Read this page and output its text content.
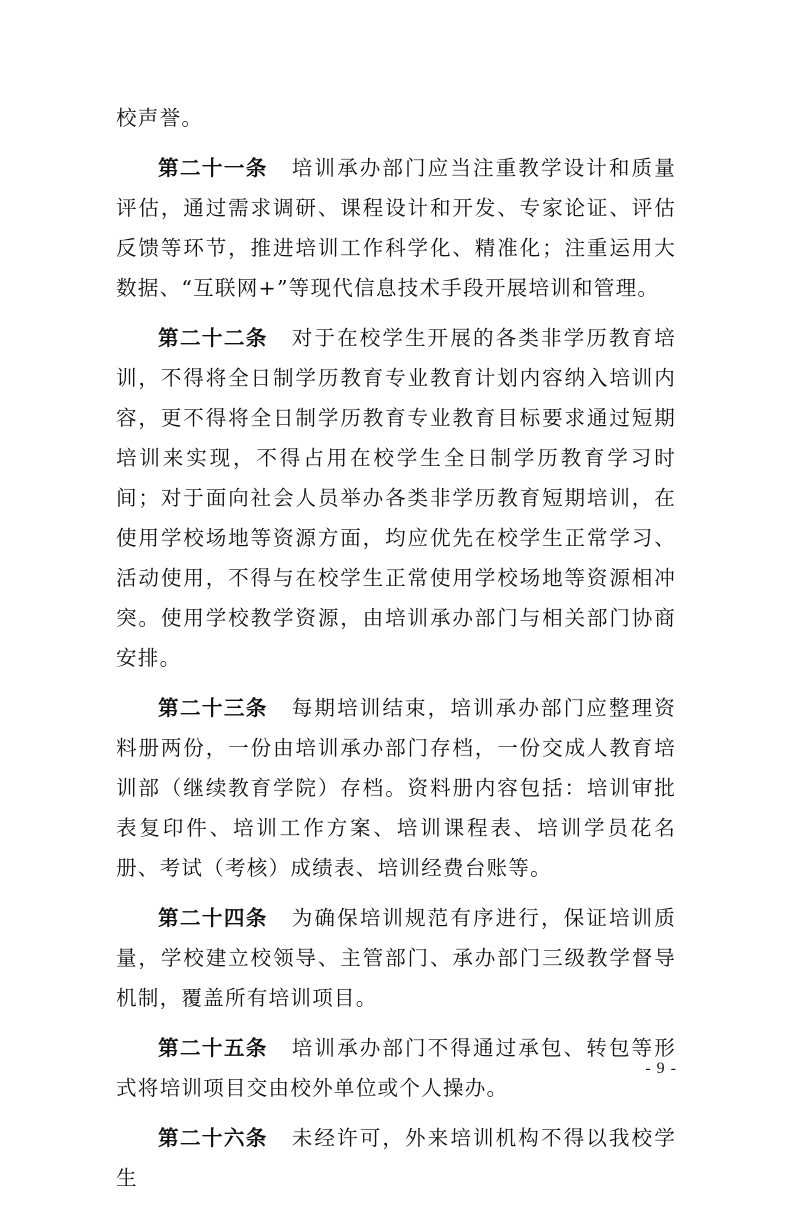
校声誉。

第二十一条 培训承办部门应当注重教学设计和质量评估，通过需求调研、课程设计和开发、专家论证、评估反馈等环节，推进培训工作科学化、精准化；注重运用大数据、“互联网+”等现代信息技术手段开展培训和管理。

第二十二条 对于在校学生开展的各类非学历教育培训，不得将全日制学历教育专业教育计划内容纳入培训内容，更不得将全日制学历教育专业教育目标要求通过短期培训来实现，不得占用在校学生全日制学历教育学习时间；对于面向社会人员举办各类非学历教育短期培训，在使用学校场地等资源方面，均应优先在校学生正常学习、活动使用，不得与在校学生正常使用学校场地等资源相冲突。使用学校教学资源，由培训承办部门与相关部门协商安排。

第二十三条 每期培训结束，培训承办部门应整理资料册两份，一份由培训承办部门存档，一份交成人教育培训部（继续教育学院）存档。资料册内容包括：培训审批表复印件、培训工作方案、培训课程表、培训学员花名册、考试（考核）成绩表、培训经费台账等。

第二十四条 为确保培训规范有序进行，保证培训质量，学校建立校领导、主管部门、承办部门三级教学督导机制，覆盖所有培训项目。

第二十五条 培训承办部门不得通过承包、转包等形式将培训项目交由校外单位或个人操办。

第二十六条 未经许可，外来培训机构不得以我校学生

- 9 -
